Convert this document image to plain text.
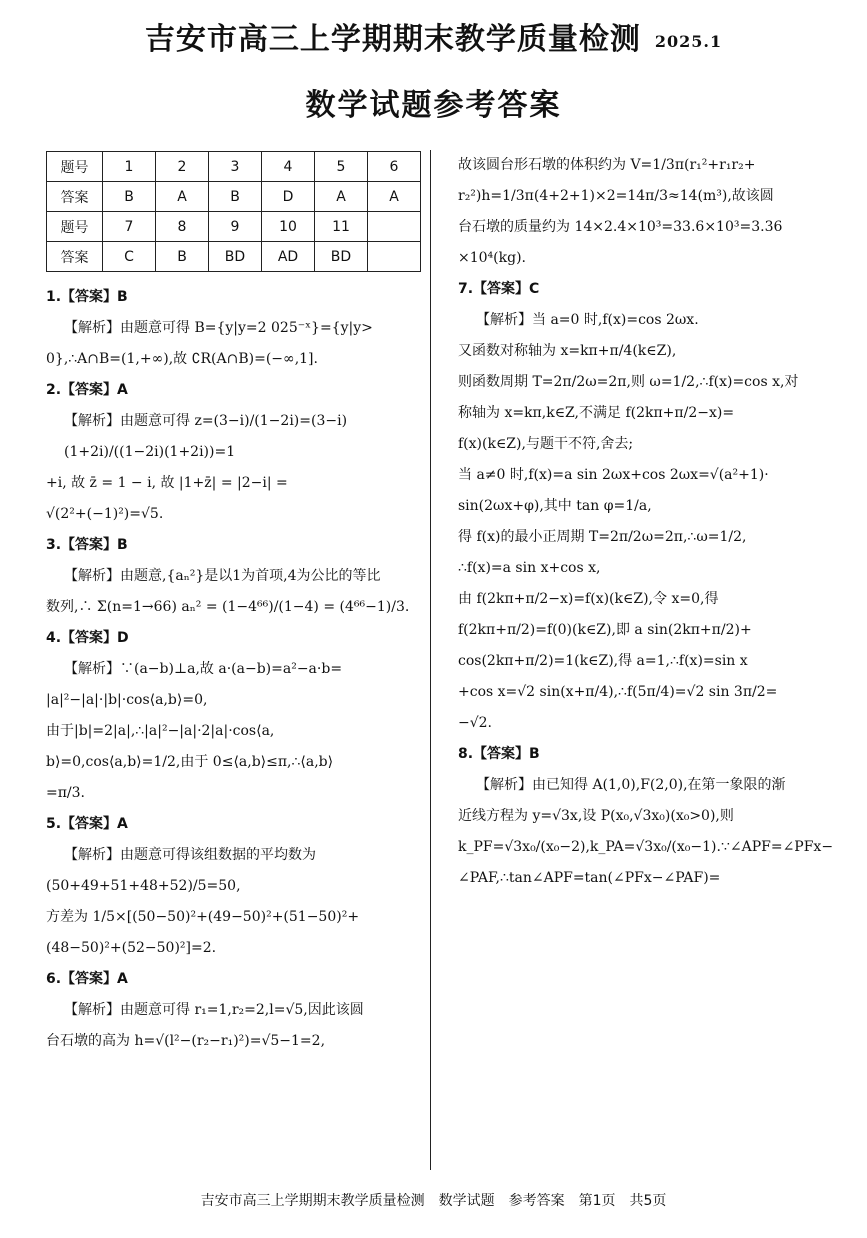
吉安市高三上学期期末教学质量检测 2025.1
数学试题参考答案
题号	1	2	3	4	5	6
答案	B	A	B	D	A	A
题号	7	8	9	10	11	
答案	C	B	BD	AD	BD	

1.【答案】B

【解析】由题意可得 B={y|y=2 025⁻ˣ}={y|y>

0},∴A∩B=(1,+∞),故 ∁R(A∩B)=(−∞,1].

2.【答案】A

【解析】由题意可得 z=(3−i)/(1−2i)=(3−i)(1+2i)/((1−2i)(1+2i))=1

+i, 故 z̄ = 1 − i, 故 |1+z̄| = |2−i| =

√(2²+(−1)²)=√5.

3.【答案】B

【解析】由题意,{aₙ²}是以1为首项,4为公比的等比

数列,∴ Σ(n=1→66) aₙ² = (1−4⁶⁶)/(1−4) = (4⁶⁶−1)/3.

4.【答案】D

【解析】∵(a−b)⊥a,故 a·(a−b)=a²−a·b=

|a|²−|a|·|b|·cos⟨a,b⟩=0,

由于|b|=2|a|,∴|a|²−|a|·2|a|·cos⟨a,

b⟩=0,cos⟨a,b⟩=1/2,由于 0≤⟨a,b⟩≤π,∴⟨a,b⟩

=π/3.

5.【答案】A

【解析】由题意可得该组数据的平均数为

(50+49+51+48+52)/5=50,

方差为 1/5×[(50−50)²+(49−50)²+(51−50)²+

(48−50)²+(52−50)²]=2.

6.【答案】A

【解析】由题意可得 r₁=1,r₂=2,l=√5,因此该圆

台石墩的高为 h=√(l²−(r₂−r₁)²)=√5−1=2,

故该圆台形石墩的体积约为 V=1/3π(r₁²+r₁r₂+

r₂²)h=1/3π(4+2+1)×2=14π/3≈14(m³),故该圆

台石墩的质量约为 14×2.4×10³=33.6×10³=3.36

×10⁴(kg).

7.【答案】C

【解析】当 a=0 时,f(x)=cos 2ωx.

又函数对称轴为 x=kπ+π/4(k∈Z),

则函数周期 T=2π/2ω=2π,则 ω=1/2,∴f(x)=cos x,对

称轴为 x=kπ,k∈Z,不满足 f(2kπ+π/2−x)=

f(x)(k∈Z),与题干不符,舍去;

当 a≠0 时,f(x)=a sin 2ωx+cos 2ωx=√(a²+1)·

sin(2ωx+φ),其中 tan φ=1/a,

得 f(x)的最小正周期 T=2π/2ω=2π,∴ω=1/2,

∴f(x)=a sin x+cos x,

由 f(2kπ+π/2−x)=f(x)(k∈Z),令 x=0,得

f(2kπ+π/2)=f(0)(k∈Z),即 a sin(2kπ+π/2)+

cos(2kπ+π/2)=1(k∈Z),得 a=1,∴f(x)=sin x

+cos x=√2 sin(x+π/4),∴f(5π/4)=√2 sin 3π/2=

−√2.

8.【答案】B

【解析】由已知得 A(1,0),F(2,0),在第一象限的渐

近线方程为 y=√3x,设 P(x₀,√3x₀)(x₀>0),则

k_PF=√3x₀/(x₀−2),k_PA=√3x₀/(x₀−1).∵∠APF=∠PFx−

∠PAF,∴tan∠APF=tan(∠PFx−∠PAF)=

吉安市高三上学期期末教学质量检测　数学试题　参考答案　第1页　共5页
